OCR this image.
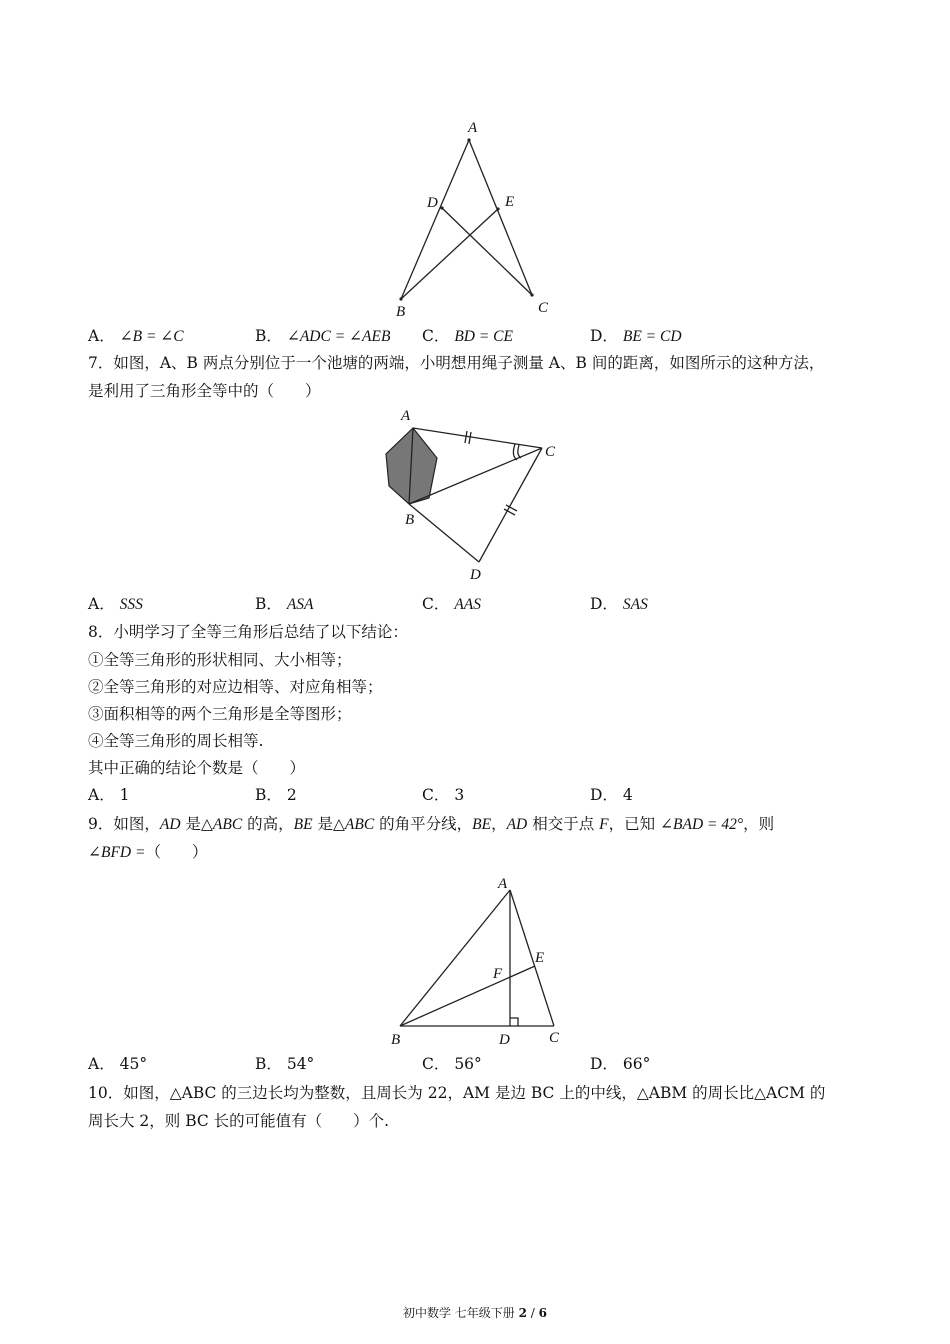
A
D	E
B	C
A． ∠B = ∠C	B． ∠ADC = ∠AEB C． BD = CE	D． BE = CD
7．如图，A、B 两点分别位于一个池塘的两端，小明想用绳子测量 A、B 间的距离，如图所示的这种方法，
是利用了三角形全等中的（　　）
A
C
B
D
A． SSS	B． ASA	C． AAS	D． SAS
8．小明学习了全等三角形后总结了以下结论：
①全等三角形的形状相同、大小相等；
②全等三角形的对应边相等、对应角相等；
③面积相等的两个三角形是全等图形；
④全等三角形的周长相等.
其中正确的结论个数是（　　）
A． 1	B． 2	C． 3	D． 4
9．如图，AD 是△ABC 的高，BE 是△ABC 的角平分线，BE，AD 相交于点 F，已知 ∠BAD = 42°，则
∠BFD =（　　）
A
F
E
B	D	C
A． 45°	B． 54°	C． 56°	D． 66°
10．如图，△ABC 的三边长均为整数，且周长为 22，AM 是边 BC 上的中线，△ABM 的周长比△ACM 的
周长大 2，则 BC 长的可能值有（　　）个.
初中数学 七年级下册 2 / 6
